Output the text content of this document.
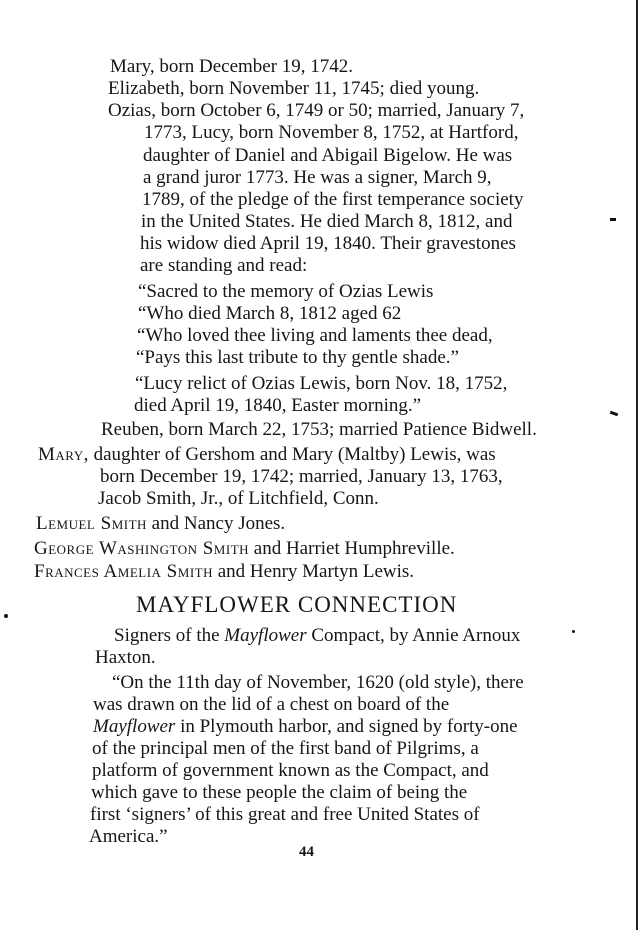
Mary, born December 19, 1742.
Elizabeth, born November 11, 1745; died young.
Ozias, born October 6, 1749 or 50; married, January 7,
1773, Lucy, born November 8, 1752, at Hartford,
daughter of Daniel and Abigail Bigelow. He was
a grand juror 1773. He was a signer, March 9,
1789, of the pledge of the first temperance society
in the United States. He died March 8, 1812, and
his widow died April 19, 1840. Their gravestones
are standing and read:
“Sacred to the memory of Ozias Lewis
“Who died March 8, 1812 aged 62
“Who loved thee living and laments thee dead,
“Pays this last tribute to thy gentle shade.”
“Lucy relict of Ozias Lewis, born Nov. 18, 1752,
died April 19, 1840, Easter morning.”
Reuben, born March 22, 1753; married Patience Bidwell.
Mary, daughter of Gershom and Mary (Maltby) Lewis, was
born December 19, 1742; married, January 13, 1763,
Jacob Smith, Jr., of Litchfield, Conn.
Lemuel Smith and Nancy Jones.
George Washington Smith and Harriet Humphreville.
Frances Amelia Smith and Henry Martyn Lewis.
MAYFLOWER CONNECTION
Signers of the Mayflower Compact, by Annie Arnoux
Haxton.
“On the 11th day of November, 1620 (old style), there
was drawn on the lid of a chest on board of the
Mayflower in Plymouth harbor, and signed by forty-one
of the principal men of the first band of Pilgrims, a
platform of government known as the Compact, and
which gave to these people the claim of being the
first ‘signers’ of this great and free United States of
America.”
44
